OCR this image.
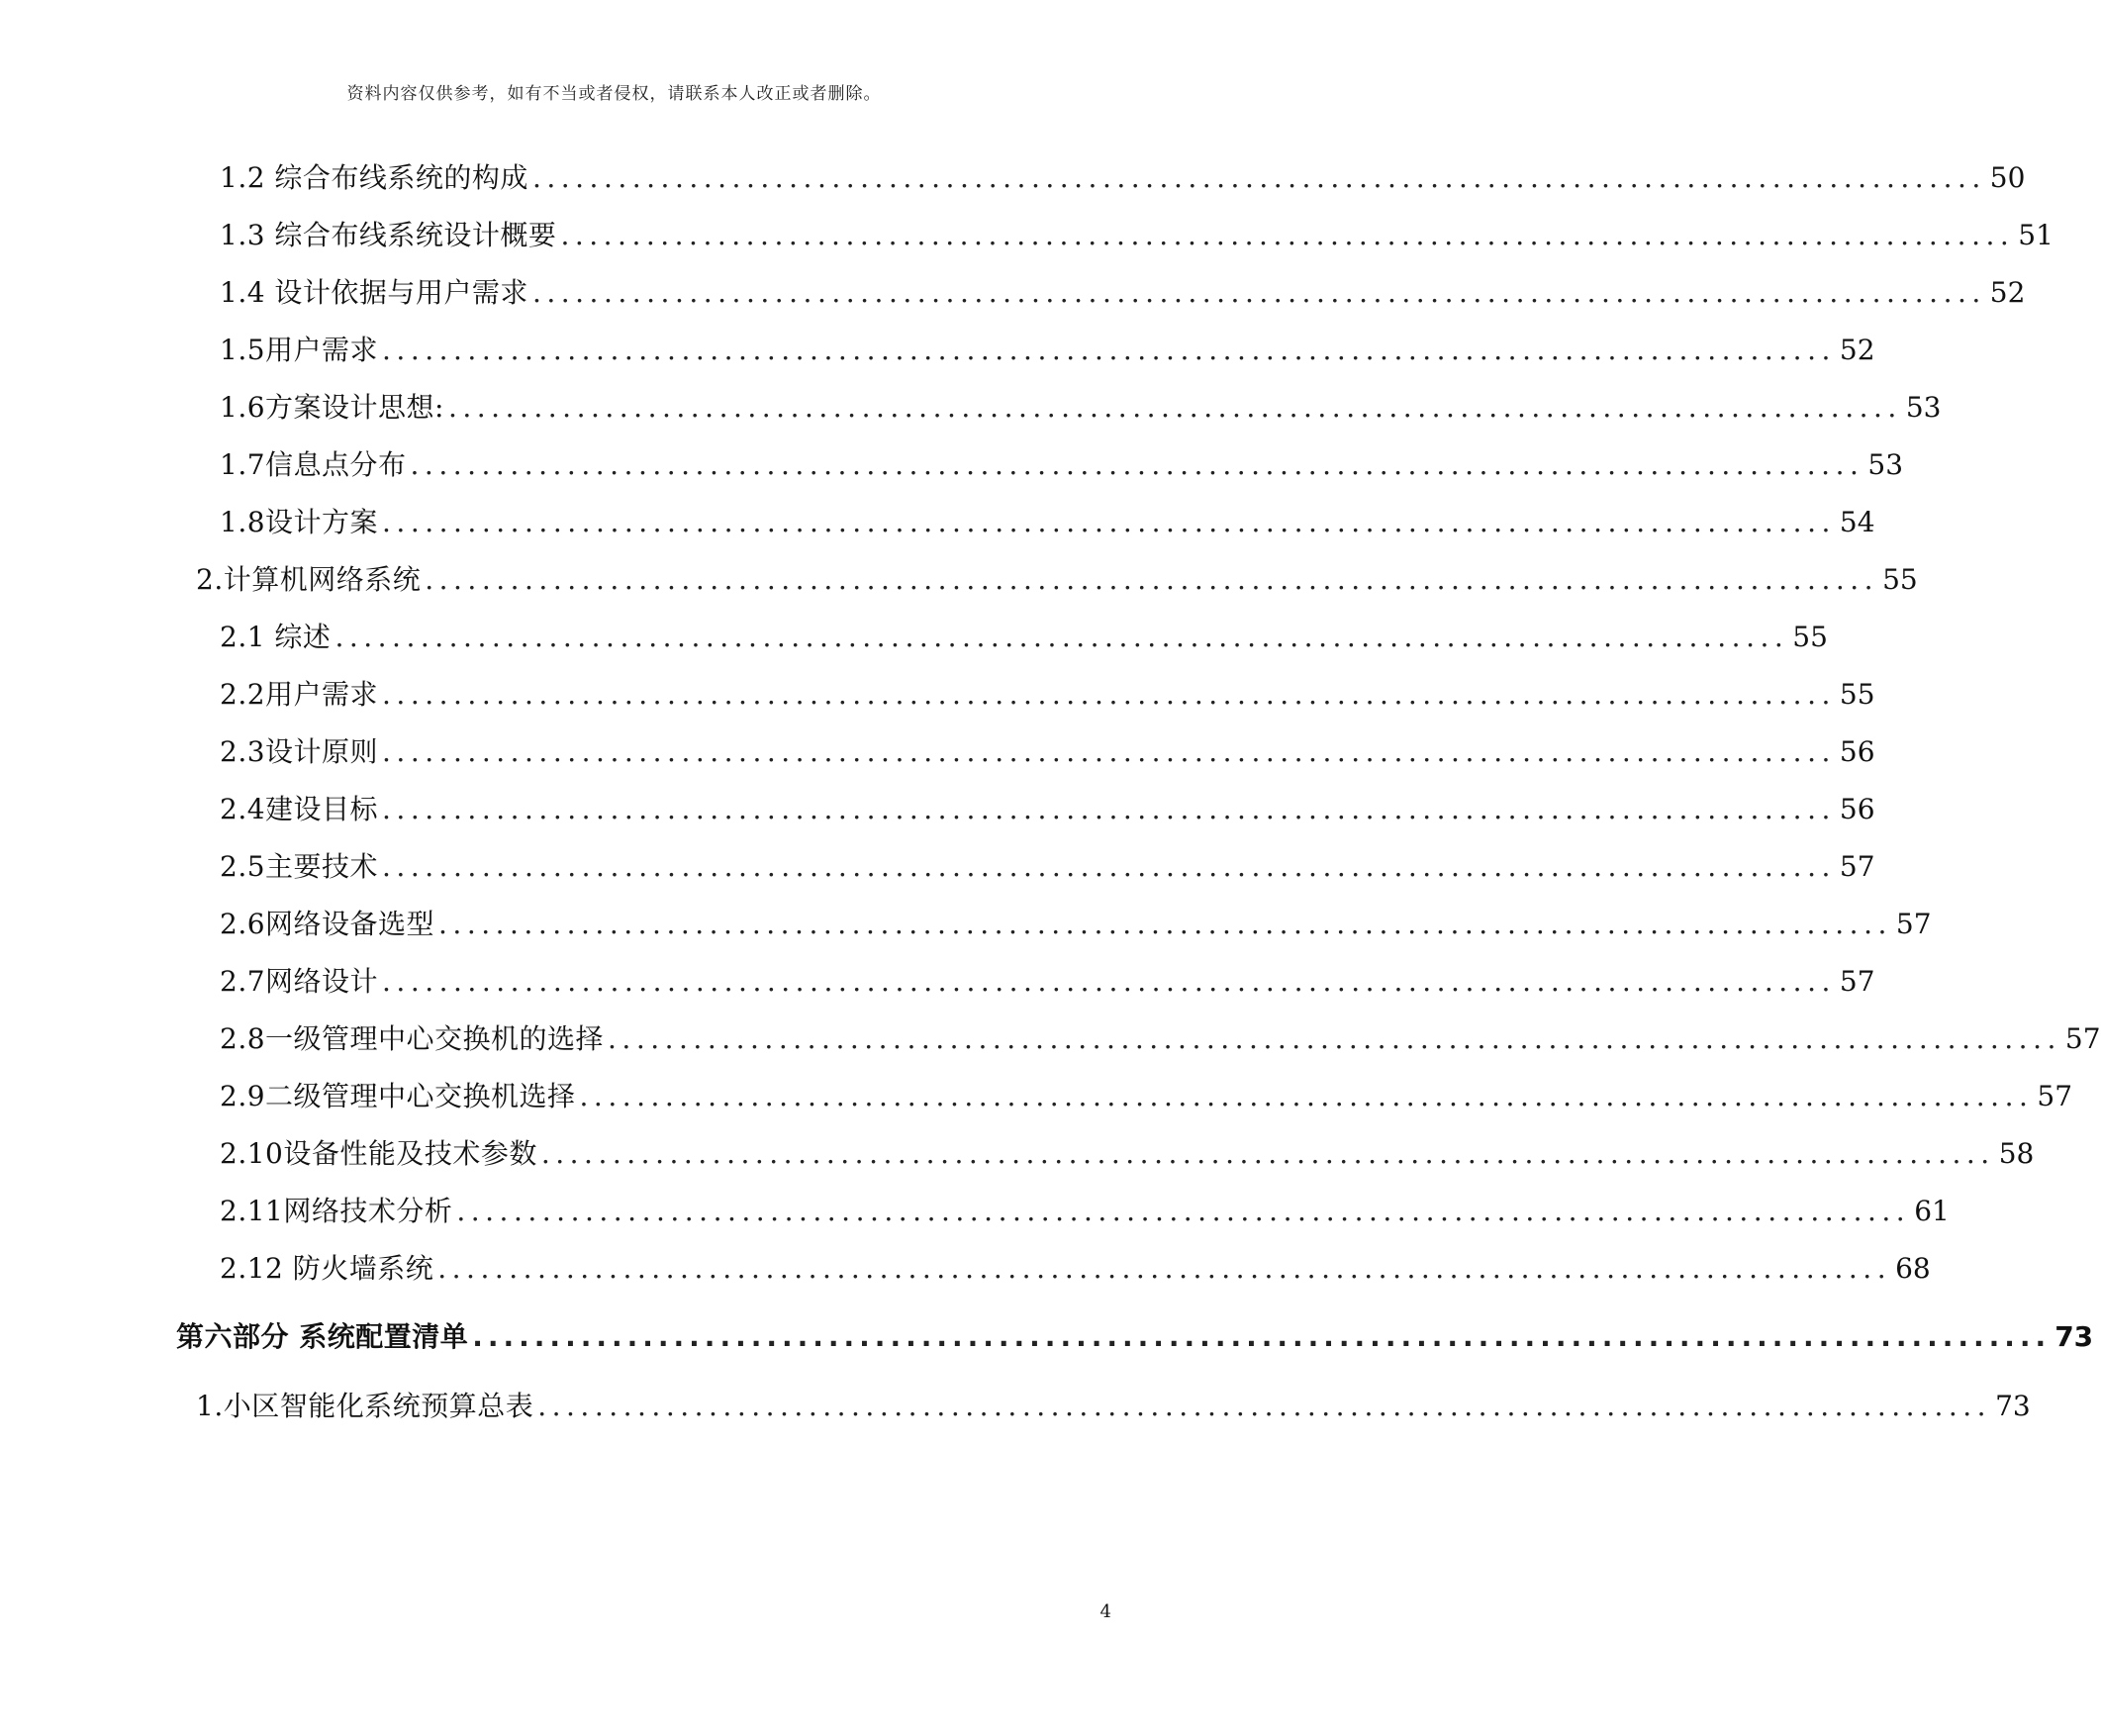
资料内容仅供参考，如有不当或者侵权，请联系本人改正或者删除。
1.2 综合布线系统的构成 ...................................................................................................... 50
1.3 综合布线系统设计概要 ...................................................................................................... 51
1.4 设计依据与用户需求 ...................................................................................................... 52
1.5用户需求 ...................................................................................................... 52
1.6方案设计思想: ...................................................................................................... 53
1.7信息点分布 ...................................................................................................... 53
1.8设计方案 ...................................................................................................... 54
2.计算机网络系统 ...................................................................................................... 55
2.1 综述 ...................................................................................................... 55
2.2用户需求 ...................................................................................................... 55
2.3设计原则 ...................................................................................................... 56
2.4建设目标 ...................................................................................................... 56
2.5主要技术 ...................................................................................................... 57
2.6网络设备选型 ...................................................................................................... 57
2.7网络设计 ...................................................................................................... 57
2.8一级管理中心交换机的选择 ...................................................................................................... 57
2.9二级管理中心交换机选择 ...................................................................................................... 57
2.10设备性能及技术参数 ...................................................................................................... 58
2.11网络技术分析 ...................................................................................................... 61
2.12 防火墙系统 ...................................................................................................... 68
第六部分 系统配置清单 ...................................................................................................... 73
1.小区智能化系统预算总表 ...................................................................................................... 73
4
